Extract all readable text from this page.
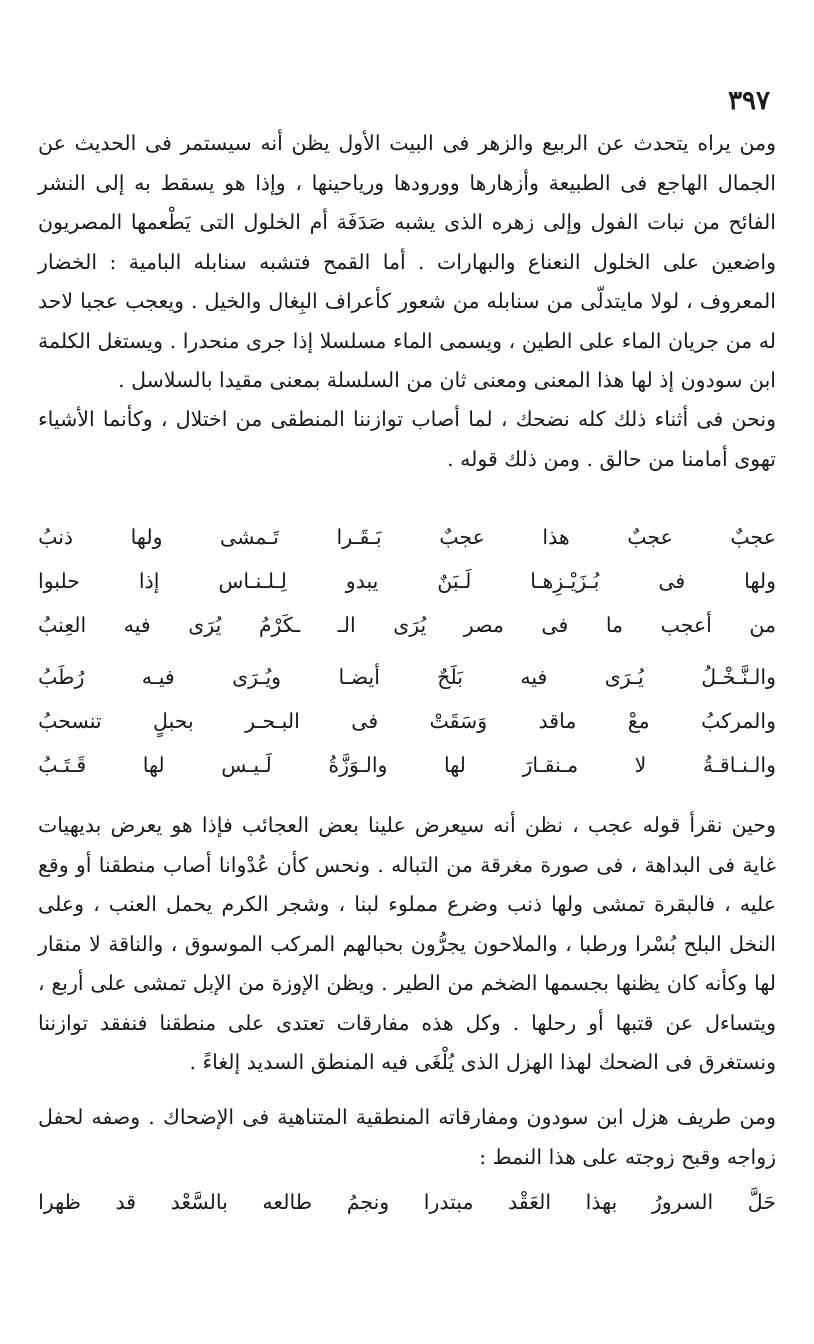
٣٩٧

ومن يراه يتحدث عن الربيع والزهر فى البيت الأول يظن أنه سيستمر فى الحديث عن الجمال الهاجع فى الطبيعة وأزهارها وورودها ورياحينها ، وإذا هو يسقط به إلى النشر الفائح من نبات الفول وإلى زهره الذى يشبه صَدَفَة أم الخلول التى يَطْعمها المصريون واضعين على الخلول النعناع والبهارات . أما القمح فتشبه سنابله البامية : الخضار المعروف ، لولا مايتدلّى من سنابله من شعور كأعراف البِغال والخيل . ويعجب عجبا لاحد له من جريان الماء على الطين ، ويسمى الماء مسلسلا إذا جرى منحدرا . ويستغل الكلمة ابن سودون إذ لها هذا المعنى ومعنى ثان من السلسلة بمعنى مقيدا بالسلاسل .

ونحن فى أثناء ذلك كله نضحك ، لما أصاب توازننا المنطقى من اختلال ، وكأنما الأشياء تهوى أمامنا من حالق . ومن ذلك قوله .

عجبٌ
عجبٌ
هذا
عجبٌ
بَـقَـرا
تَـمشى
ولها
ذنبُ
ولها
فى
بُـزَيْـزِهـا
لَـبَنٌ
يبدو
لِـلـنـاس
إذا
حلبوا
من
أعجب
ما
فى
مصر
يُرَى
الـ
ـكَرْمُ
يُرَى
فيه
العِنبُ
والـنَّـخْـلُ
يُـرَى
فيه
بَلَحٌ
أيضـا
ويُـرَى
فيـه
رُطَبُ
والمركبُ
معْ
ماقد
وَسَقَتْ
فى
البـحـر
بحبلٍ
تنسحبُ
والـنـاقـةُ
لا
مـنقـارَ
لها
والـوَزَّةُ
لَـيـس
لها
قَـتَـبُ

وحين نقرأ قوله عجب ، نظن أنه سيعرض علينا بعض العجائب فإذا هو يعرض بديهيات غاية فى البداهة ، فى صورة مغرقة من التباله . ونحس كأن عُدْوانا أصاب منطقنا أو وقع عليه ، فالبقرة تمشى ولها ذنب وضرع مملوء لبنا ، وشجر الكرم يحمل العنب ، وعلى النخل البلح بُسْرا ورطبا ، والملاحون يجرُّون بحبالهم المركب الموسوق ، والناقة لا منقار لها وكأنه كان يظنها بجسمها الضخم من الطير . ويظن الإوزة من الإبل تمشى على أربع ، ويتساءل عن قتبها أو رحلها . وكل هذه مفارقات تعتدى على منطقنا فنفقد توازننا ونستغرق فى الضحك لهذا الهزل الذى يُلْغَى فيه المنطق السديد إلغاءً .

ومن طريف هزل ابن سودون ومفارقاته المنطقية المتناهية فى الإضحاك . وصفه لحفل زواجه وقبح زوجته على هذا النمط :

حَلَّ
السرورُ
بهذا
العَقْد
مبتدرا
ونجمُ
طالعه
بالسَّعْد
قد
ظهرا
